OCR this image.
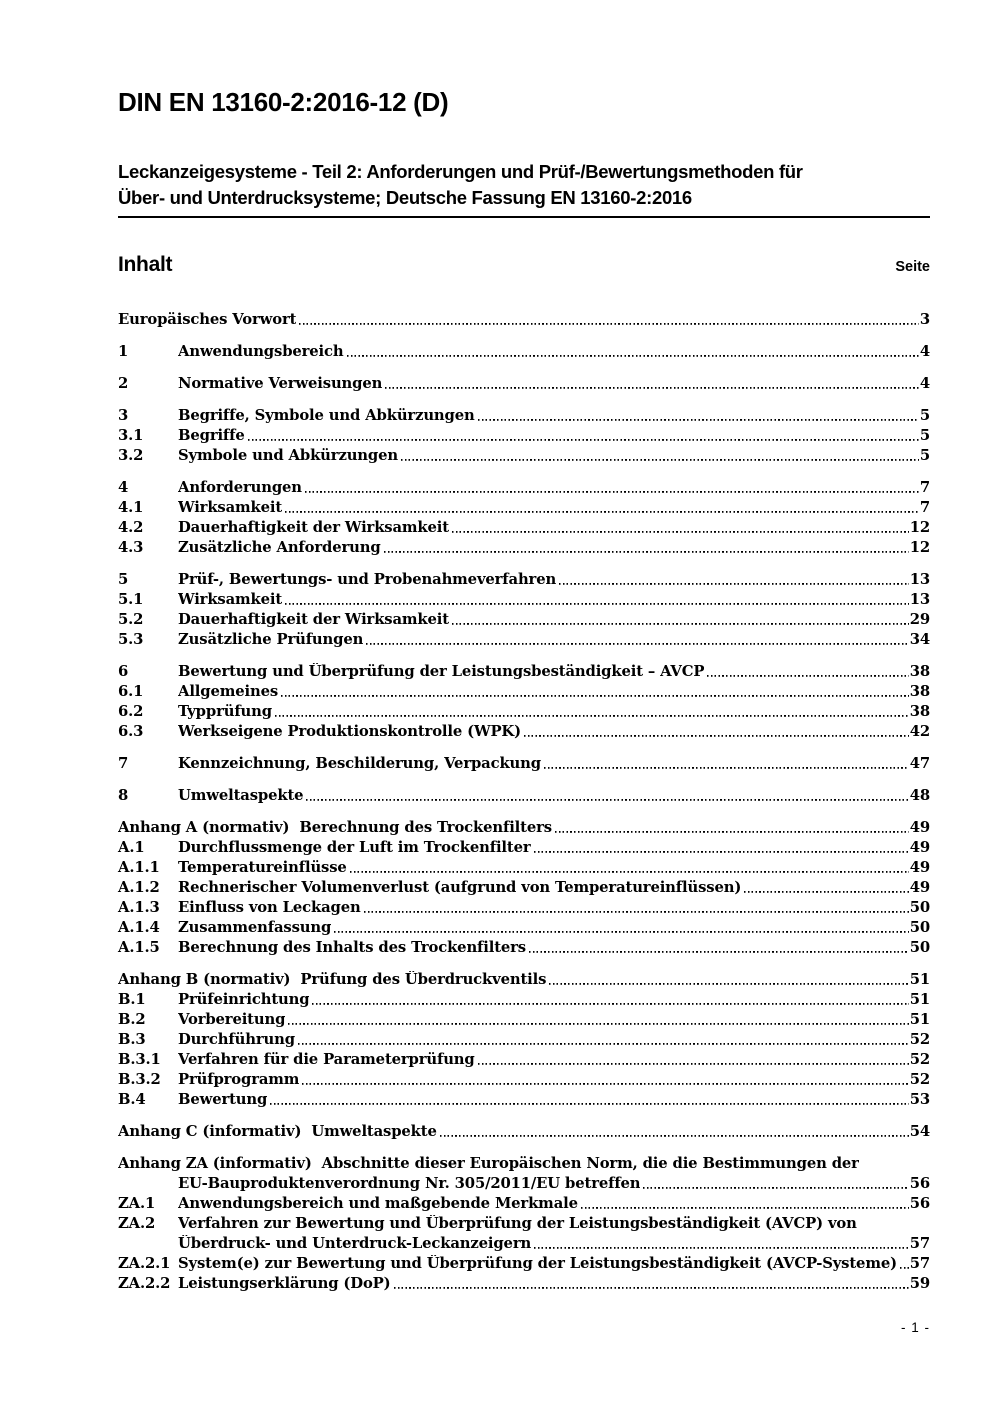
DIN EN 13160-2:2016-12 (D)
Leckanzeigesysteme - Teil 2: Anforderungen und Prüf-/Bewertungsmethoden für
Über- und Unterdrucksysteme; Deutsche Fassung EN 13160-2:2016
Inhalt	Seite
Europäisches Vorwort	3
1	Anwendungsbereich	4
2	Normative Verweisungen	4
3	Begriffe, Symbole und Abkürzungen	5
3.1	Begriffe	5
3.2	Symbole und Abkürzungen	5
4	Anforderungen	7
4.1	Wirksamkeit	7
4.2	Dauerhaftigkeit der Wirksamkeit	12
4.3	Zusätzliche Anforderung	12
5	Prüf-, Bewertungs- und Probenahmeverfahren	13
5.1	Wirksamkeit	13
5.2	Dauerhaftigkeit der Wirksamkeit	29
5.3	Zusätzliche Prüfungen	34
6	Bewertung und Überprüfung der Leistungsbeständigkeit – AVCP	38
6.1	Allgemeines	38
6.2	Typprüfung	38
6.3	Werkseigene Produktionskontrolle (WPK)	42
7	Kennzeichnung, Beschilderung, Verpackung	47
8	Umweltaspekte	48
Anhang A (normativ)  Berechnung des Trockenfilters	49
A.1	Durchflussmenge der Luft im Trockenfilter	49
A.1.1	Temperatureinflüsse	49
A.1.2	Rechnerischer Volumenverlust (aufgrund von Temperatureinflüssen)	49
A.1.3	Einfluss von Leckagen	50
A.1.4	Zusammenfassung	50
A.1.5	Berechnung des Inhalts des Trockenfilters	50
Anhang B (normativ)  Prüfung des Überdruckventils	51
B.1	Prüfeinrichtung	51
B.2	Vorbereitung	51
B.3	Durchführung	52
B.3.1	Verfahren für die Parameterprüfung	52
B.3.2	Prüfprogramm	52
B.4	Bewertung	53
Anhang C (informativ)  Umweltaspekte	54
Anhang ZA (informativ)  Abschnitte dieser Europäischen Norm, die die Bestimmungen der
EU-Bauproduktenverordnung Nr. 305/2011/EU betreffen	56
ZA.1	Anwendungsbereich und maßgebende Merkmale	56
ZA.2	Verfahren zur Bewertung und Überprüfung der Leistungsbeständigkeit (AVCP) von
Überdruck- und Unterdruck-Leckanzeigern	57
ZA.2.1 System(e) zur Bewertung und Überprüfung der Leistungsbeständigkeit (AVCP-Systeme) 57
ZA.2.2 Leistungserklärung (DoP)	59
- 1 -
